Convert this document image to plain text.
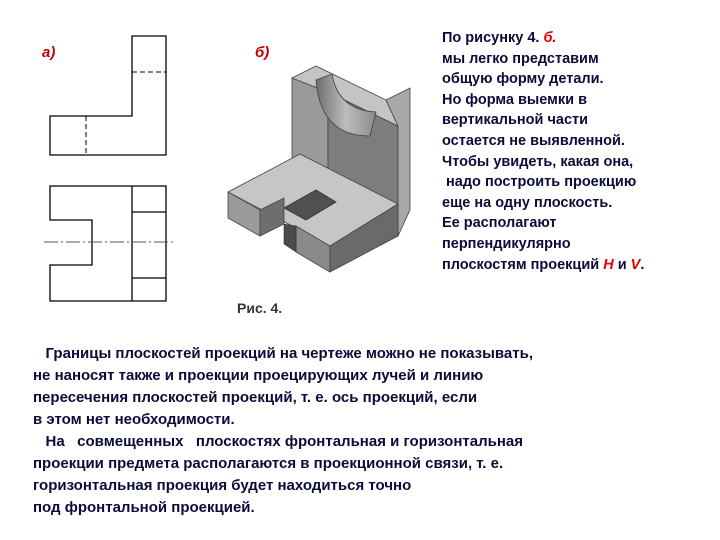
а)	б)
Рис. 4.
По рисунку 4. б.
мы легко представим
общую форму детали.
Но форма выемки в
вертикальной части
остается не выявленной.
Чтобы увидеть, какая она,
надо построить проекцию
еще на одну плоскость.
Ее располагают
перпендикулярно
плоскостям проекций Н и V.
Границы плоскостей проекций на чертеже можно не показывать,
не наносят также и проекции проецирующих лучей и линию
пересечения плоскостей проекций, т. е. ось проекций, если
в этом нет необходимости.
На   совмещенных   плоскостях фронтальная и горизонтальная
проекции предмета располагаются в проекционной связи, т. е.
горизонтальная проекция будет находиться точно
под фронтальной проекцией.
